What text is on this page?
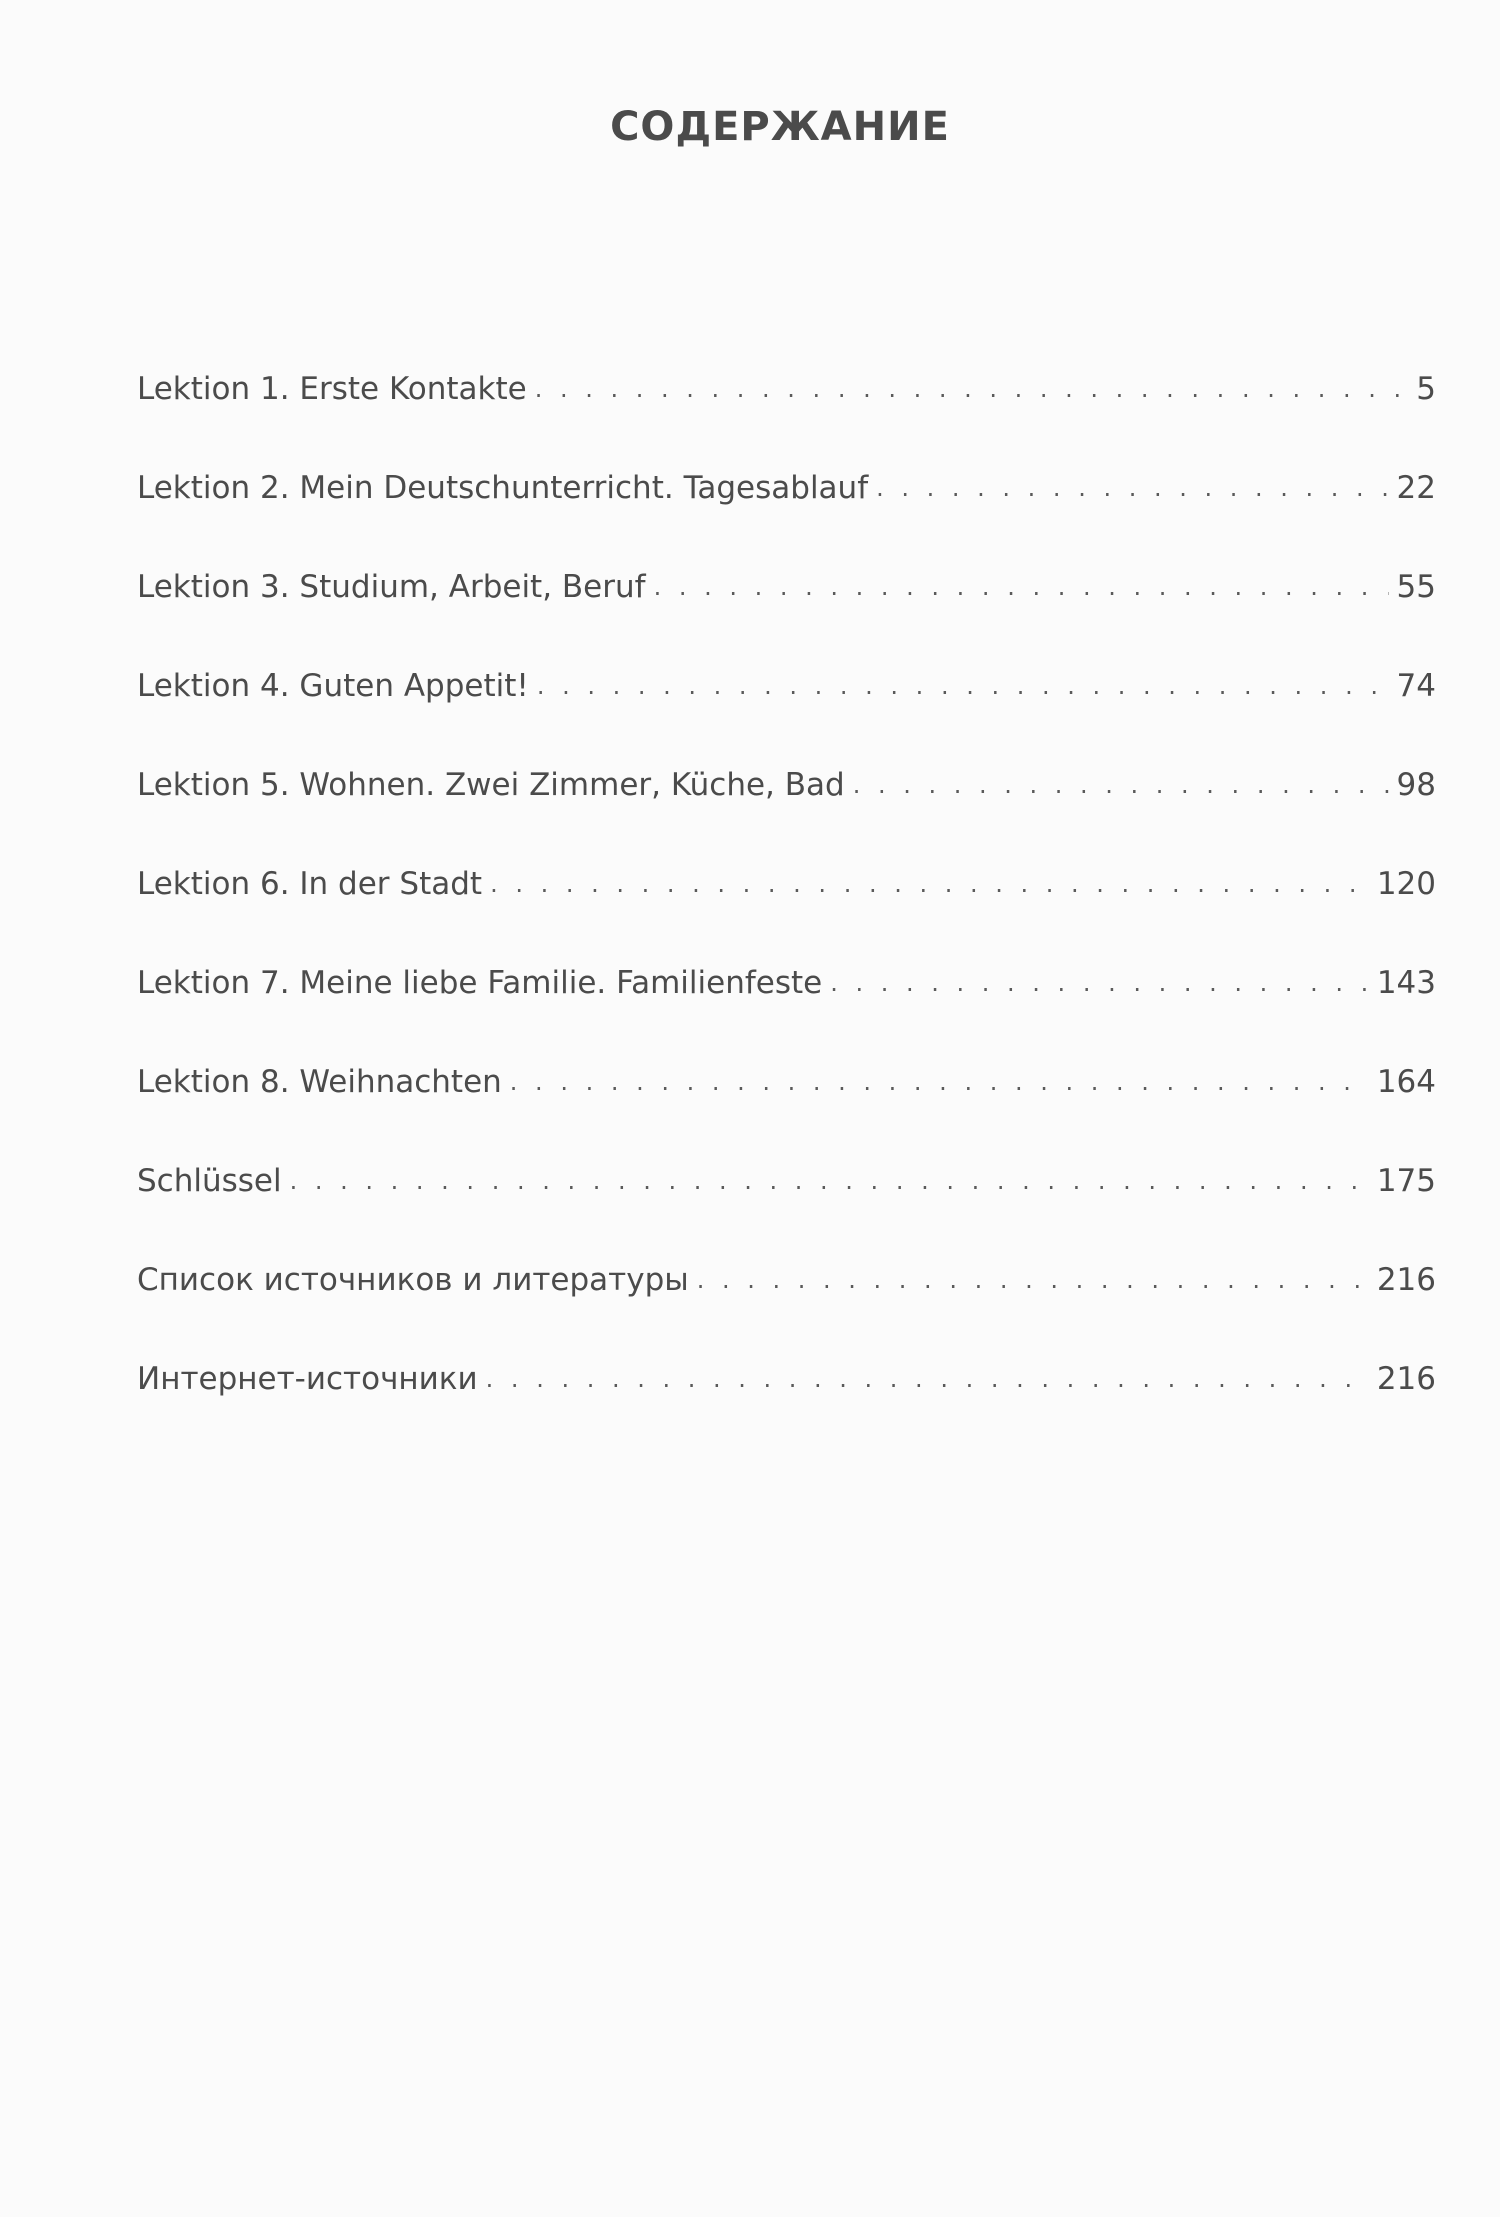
СОДЕРЖАНИЕ
Lektion 1. Erste Kontakte . . .	5
Lektion 2. Mein Deutschunterricht. Tagesablauf . . .	22
Lektion 3. Studium, Arbeit, Beruf . . .	55
Lektion 4. Guten Appetit! . . .	74
Lektion 5. Wohnen. Zwei Zimmer, Küche, Bad . . .	98
Lektion 6. In der Stadt . . .	120
Lektion 7. Meine liebe Familie. Familienfeste . . .	143
Lektion 8. Weihnachten . . .	164
Schlüssel . . .	175
Список источников и литературы . . .	216
Интернет-источники . . .	216
